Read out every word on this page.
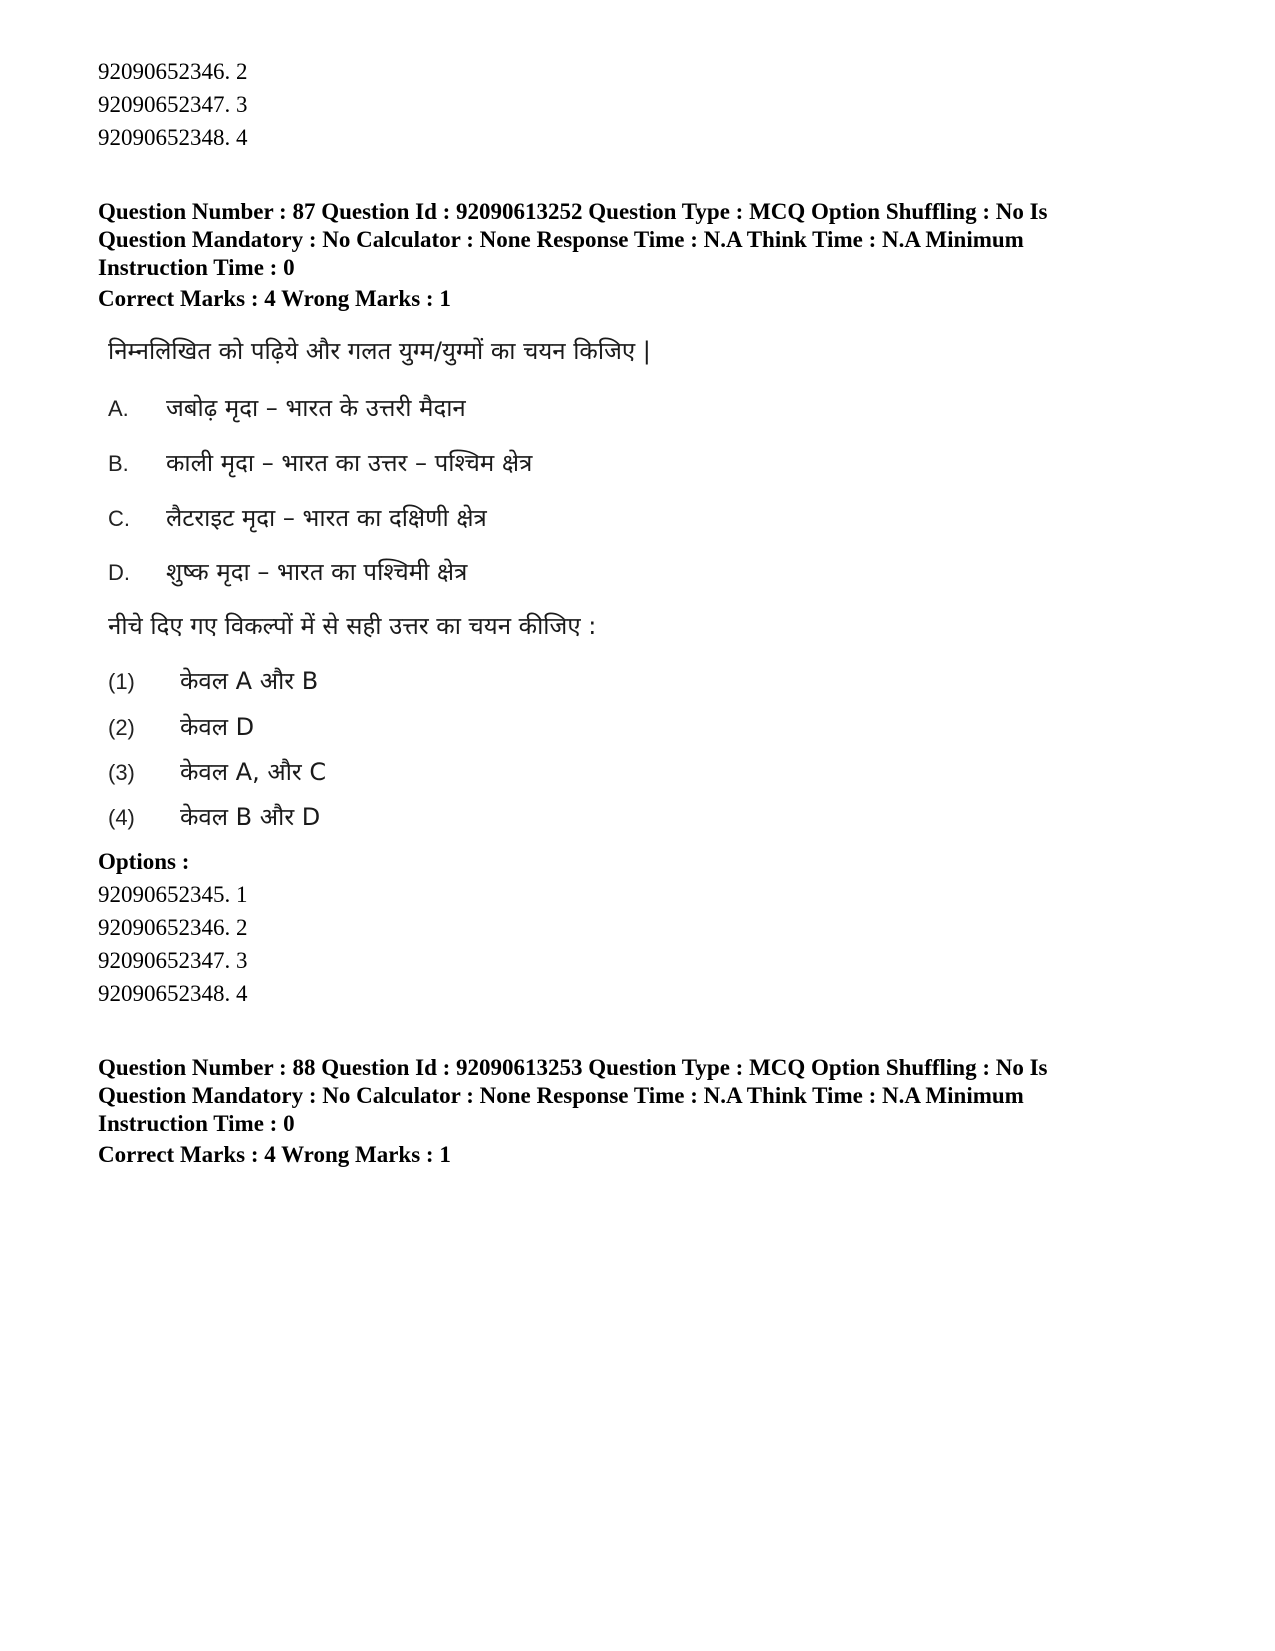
92090652346. 2
92090652347. 3
92090652348. 4
Question Number : 87 Question Id : 92090613252 Question Type : MCQ Option Shuffling : No Is
Question Mandatory : No Calculator : None Response Time : N.A Think Time : N.A Minimum
Instruction Time : 0
Correct Marks : 4 Wrong Marks : 1
निम्नलिखित को पढ़िये और गलत युग्म/युग्मों का चयन किजिए |
A. जबोढ़ मृदा – भारत के उत्तरी मैदान
B. काली मृदा – भारत का उत्तर – पश्चिम क्षेत्र
C. लैटराइट मृदा – भारत का दक्षिणी क्षेत्र
D. शुष्क मृदा – भारत का पश्चिमी क्षेत्र
नीचे दिए गए विकल्पों में से सही उत्तर का चयन कीजिए :
(1) केवल A और B
(2) केवल D
(3) केवल A, और C
(4) केवल B और D
Options :
92090652345. 1
92090652346. 2
92090652347. 3
92090652348. 4
Question Number : 88 Question Id : 92090613253 Question Type : MCQ Option Shuffling : No Is
Question Mandatory : No Calculator : None Response Time : N.A Think Time : N.A Minimum
Instruction Time : 0
Correct Marks : 4 Wrong Marks : 1
